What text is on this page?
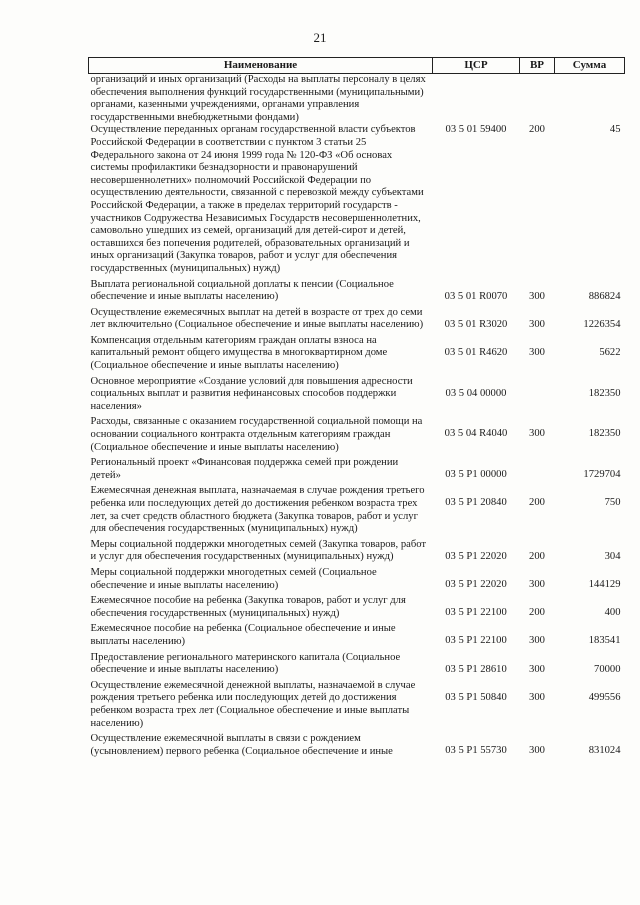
21
Наименование	ЦСР	ВР	Сумма
организаций и иных организаций (Расходы на выплаты персоналу в целях обеспечения выполнения функций государственными (муниципальными) органами, казенными учреждениями, органами управления государственными внебюджетными фондами)			
Осуществление переданных органам государственной власти субъектов Российской Федерации в соответствии с пунктом 3 статьи 25 Федерального закона от 24 июня 1999 года № 120-ФЗ «Об основах системы профилактики безнадзорности и правонарушений несовершеннолетних» полномочий Российской Федерации по осуществлению деятельности, связанной с перевозкой между субъектами Российской Федерации, а также в пределах территорий государств - участников Содружества Независимых Государств несовершеннолетних, самовольно ушедших из семей, организаций для детей-сирот и детей, оставшихся без попечения родителей, образовательных организаций и иных организаций (Закупка товаров, работ и услуг для обеспечения государственных (муниципальных) нужд)	03 5 01 59400	200	45
Выплата региональной социальной доплаты к пенсии (Социальное обеспечение и иные выплаты населению)	03 5 01 R0070	300	886824
Осуществление ежемесячных выплат на детей в возрасте от трех до семи лет включительно (Социальное обеспечение и иные выплаты населению)	03 5 01 R3020	300	1226354
Компенсация отдельным категориям граждан оплаты взноса на капитальный ремонт общего имущества в многоквартирном доме (Социальное обеспечение и иные выплаты населению)	03 5 01 R4620	300	5622
Основное мероприятие «Создание условий для повышения адресности социальных выплат и развития нефинансовых способов поддержки населения»	03 5 04 00000		182350
Расходы, связанные с оказанием государственной социальной помощи на основании социального контракта отдельным категориям граждан (Социальное обеспечение и иные выплаты населению)	03 5 04 R4040	300	182350
Региональный проект «Финансовая поддержка семей при рождении детей»	03 5 P1 00000		1729704
Ежемесячная денежная выплата, назначаемая в случае рождения третьего ребенка или последующих детей до достижения ребенком возраста трех лет, за счет средств областного бюджета (Закупка товаров, работ и услуг для обеспечения государственных (муниципальных) нужд)	03 5 P1 20840	200	750
Меры социальной поддержки многодетных семей (Закупка товаров, работ и услуг для обеспечения государственных (муниципальных) нужд)	03 5 P1 22020	200	304
Меры социальной поддержки многодетных семей (Социальное обеспечение и иные выплаты населению)	03 5 P1 22020	300	144129
Ежемесячное пособие на ребенка (Закупка товаров, работ и услуг для обеспечения государственных (муниципальных) нужд)	03 5 P1 22100	200	400
Ежемесячное пособие на ребенка (Социальное обеспечение и иные выплаты населению)	03 5 P1 22100	300	183541
Предоставление регионального материнского капитала (Социальное обеспечение и иные выплаты населению)	03 5 P1 28610	300	70000
Осуществление ежемесячной денежной выплаты, назначаемой в случае рождения третьего ребенка или последующих детей до достижения ребенком возраста трех лет (Социальное обеспечение и иные выплаты населению)	03 5 P1 50840	300	499556
Осуществление ежемесячной выплаты в связи с рождением (усыновлением) первого ребенка (Социальное обеспечение и иные	03 5 P1 55730	300	831024
